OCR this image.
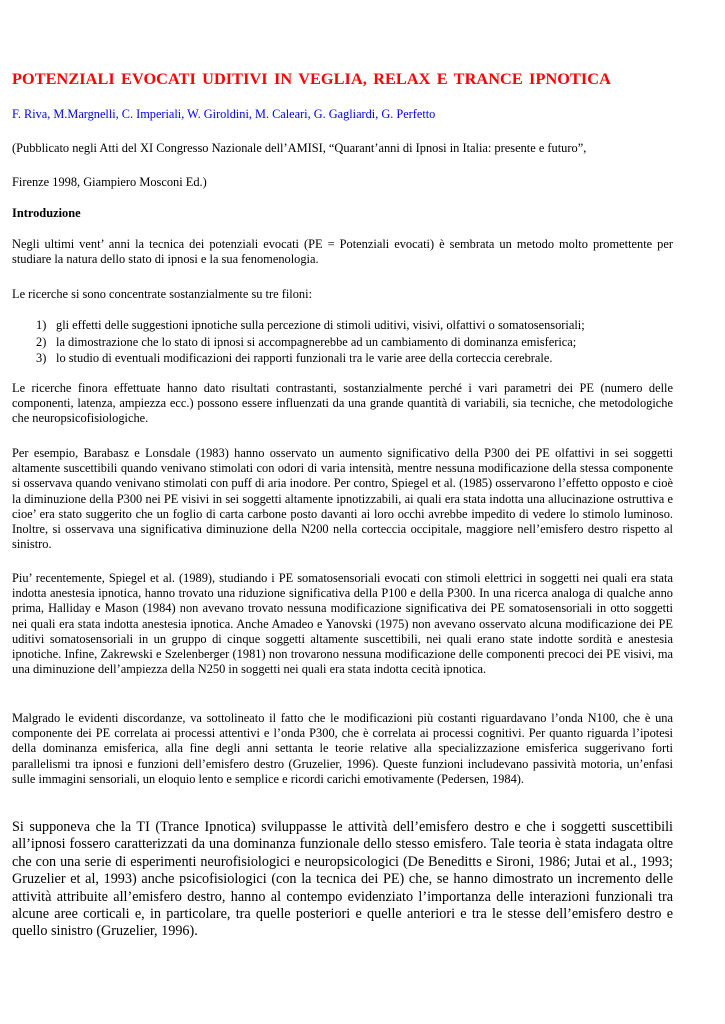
POTENZIALI EVOCATI UDITIVI IN VEGLIA, RELAX E TRANCE IPNOTICA

F. Riva, M.Margnelli, C. Imperiali, W. Giroldini, M. Caleari, G. Gagliardi, G. Perfetto

(Pubblicato negli Atti del XI Congresso Nazionale dell’AMISI, “Quarant’anni di Ipnosi in Italia: presente e futuro”,

Firenze 1998, Giampiero Mosconi Ed.)

Introduzione

Negli ultimi vent’ anni la tecnica dei potenziali evocati (PE = Potenziali evocati) è sembrata un metodo molto promettente per studiare la natura dello stato di ipnosi e la sua fenomenologia.

Le ricerche si sono concentrate sostanzialmente su tre filoni:

1) gli effetti delle suggestioni ipnotiche sulla percezione di stimoli uditivi, visivi, olfattivi o somatosensoriali;
2) la dimostrazione che lo stato di ipnosi si accompagnerebbe ad un cambiamento di dominanza emisferica;
3) lo studio di eventuali modificazioni dei rapporti funzionali tra le varie aree della corteccia cerebrale.

Le ricerche finora effettuate hanno dato risultati contrastanti, sostanzialmente perché i vari parametri dei PE (numero delle componenti, latenza, ampiezza ecc.) possono essere influenzati da una grande quantità di variabili, sia tecniche, che metodologiche che neuropsicofisiologiche.

Per esempio, Barabasz e Lonsdale (1983) hanno osservato un aumento significativo della P300 dei PE olfattivi in sei soggetti altamente suscettibili quando venivano stimolati con odori di varia intensità, mentre nessuna modificazione della stessa componente si osservava quando venivano stimolati con puff di aria inodore. Per contro, Spiegel et al. (1985) osservarono l’effetto opposto e cioè la diminuzione della P300 nei PE visivi in sei soggetti altamente ipnotizzabili, ai quali era stata indotta una allucinazione ostruttiva e cioe’ era stato suggerito che un foglio di carta carbone posto davanti ai loro occhi avrebbe impedito di vedere lo stimolo luminoso. Inoltre, si osservava una significativa diminuzione della N200 nella corteccia occipitale, maggiore nell’emisfero destro rispetto al sinistro.

Piu’ recentemente, Spiegel et al. (1989), studiando i PE somatosensoriali evocati con stimoli elettrici in soggetti nei quali era stata indotta anestesia ipnotica, hanno trovato una riduzione significativa della P100 e della P300. In una ricerca analoga di qualche anno prima, Halliday e Mason (1984) non avevano trovato nessuna modificazione significativa dei PE somatosensoriali in otto soggetti nei quali era stata indotta anestesia ipnotica. Anche Amadeo e Yanovski (1975) non avevano osservato alcuna modificazione dei PE uditivi somatosensoriali in un gruppo di cinque soggetti altamente suscettibili, nei quali erano state indotte sordità e anestesia ipnotiche. Infine, Zakrewski e Szelenberger (1981) non trovarono nessuna modificazione delle componenti precoci dei PE visivi, ma una diminuzione dell’ampiezza della N250 in soggetti nei quali era stata indotta cecità ipnotica.

Malgrado le evidenti discordanze, va sottolineato il fatto che le modificazioni più costanti riguardavano l’onda N100, che è una componente dei PE correlata ai processi attentivi e l’onda P300, che è correlata ai processi cognitivi. Per quanto riguarda l’ipotesi della dominanza emisferica, alla fine degli anni settanta le teorie relative alla specializzazione emisferica suggerivano forti parallelismi tra ipnosi e funzioni dell’emisfero destro (Gruzelier, 1996). Queste funzioni includevano passività motoria, un’enfasi sulle immagini sensoriali, un eloquio lento e semplice e ricordi carichi emotivamente (Pedersen, 1984).

Si supponeva che la TI (Trance Ipnotica) sviluppasse le attività dell’emisfero destro e che i soggetti suscettibili all’ipnosi fossero caratterizzati da una dominanza funzionale dello stesso emisfero. Tale teoria è stata indagata oltre che con una serie di esperimenti neurofisiologici e neuropsicologici (De Beneditts e Sironi, 1986; Jutai et al., 1993; Gruzelier et al, 1993) anche psicofisiologici (con la tecnica dei PE) che, se hanno dimostrato un incremento delle attività attribuite all’emisfero destro, hanno al contempo evidenziato l’importanza delle interazioni funzionali tra alcune aree corticali e, in particolare, tra quelle posteriori e quelle anteriori e tra le stesse dell’emisfero destro e quello sinistro (Gruzelier, 1996).
